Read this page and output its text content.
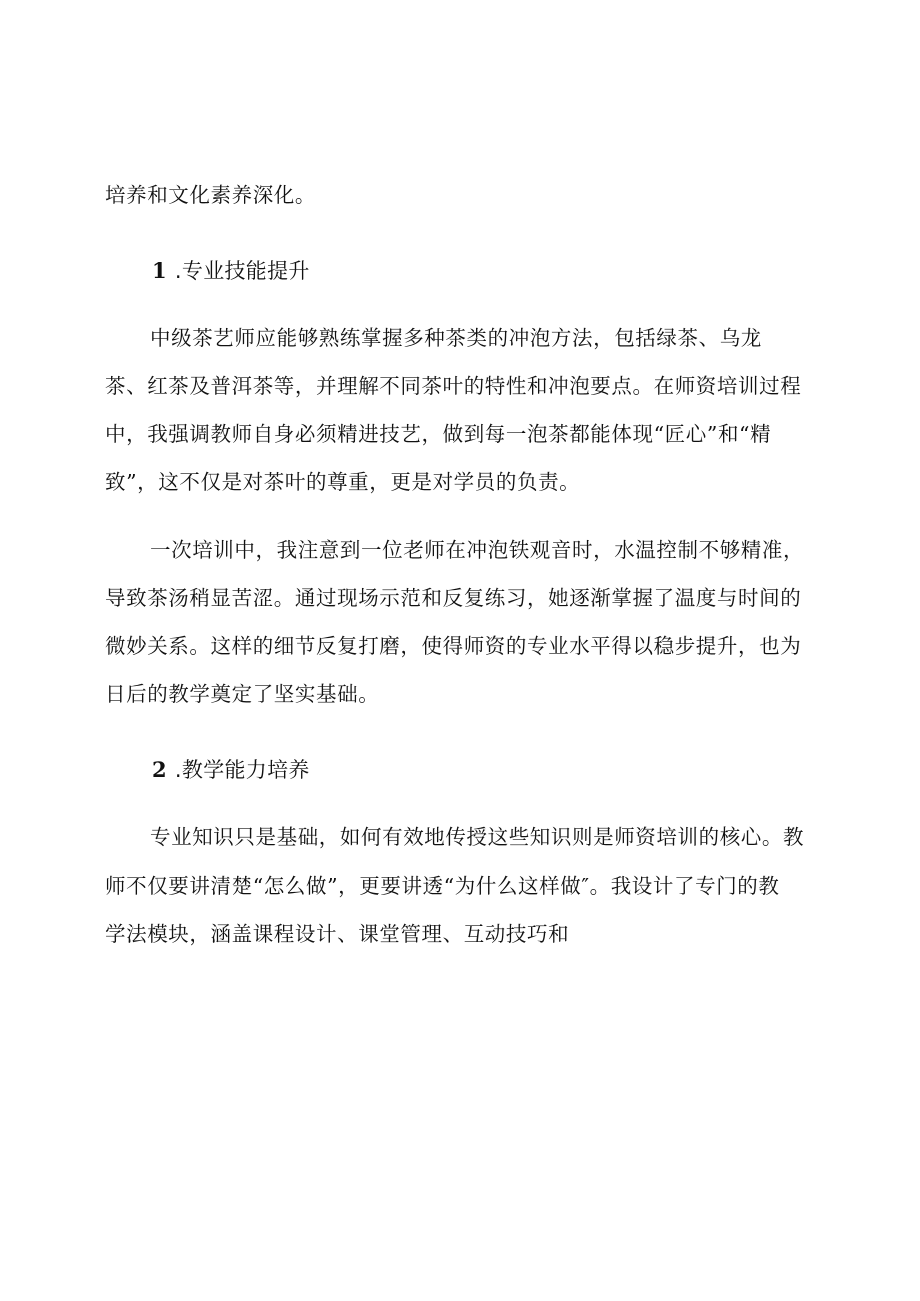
培养和文化素养深化。
1 .专业技能提升
中级茶艺师应能够熟练掌握多种茶类的冲泡方法，包括绿茶、乌龙
茶、红茶及普洱茶等，并理解不同茶叶的特性和冲泡要点。在师资培训过程
中，我强调教师自身必须精进技艺，做到每一泡茶都能体现“匠心”和“精
致”，这不仅是对茶叶的尊重，更是对学员的负责。
一次培训中，我注意到一位老师在冲泡铁观音时，水温控制不够精准，
导致茶汤稍显苦涩。通过现场示范和反复练习，她逐渐掌握了温度与时间的
微妙关系。这样的细节反复打磨，使得师资的专业水平得以稳步提升，也为
日后的教学奠定了坚实基础。
2 .教学能力培养
专业知识只是基础，如何有效地传授这些知识则是师资培训的核心。教
师不仅要讲清楚“怎么做”，更要讲透“为什么这样做″。我设计了专门的教
学法模块，涵盖课程设计、课堂管理、互动技巧和
